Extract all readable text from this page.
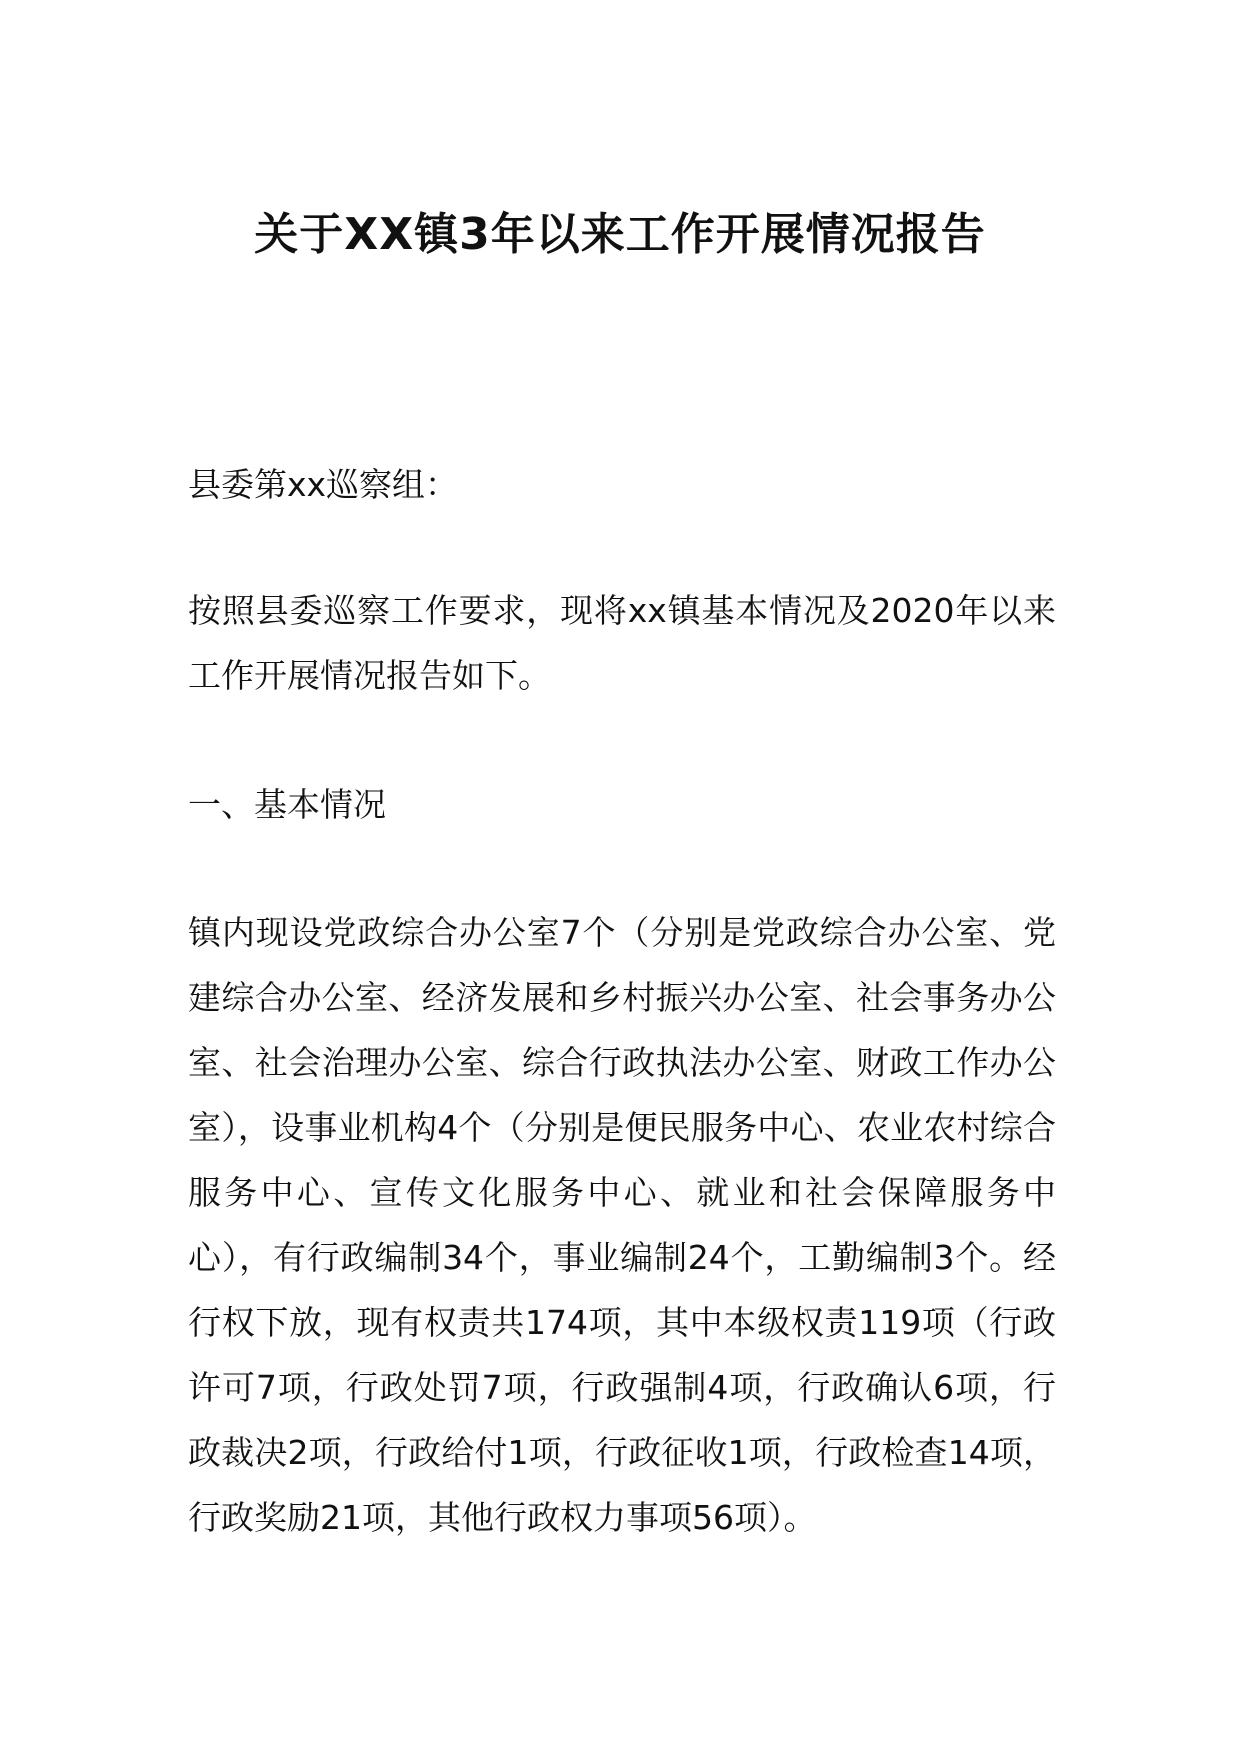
关于XX镇3年以来工作开展情况报告

县委第xx巡察组：

按照县委巡察工作要求，现将xx镇基本情况及2020年以来工作开展情况报告如下。

一、基本情况

镇内现设党政综合办公室7个（分别是党政综合办公室、党建综合办公室、经济发展和乡村振兴办公室、社会事务办公室、社会治理办公室、综合行政执法办公室、财政工作办公室），设事业机构4个（分别是便民服务中心、农业农村综合服务中心、宣传文化服务中心、就业和社会保障服务中心），有行政编制34个，事业编制24个，工勤编制3个。经行权下放，现有权责共174项，其中本级权责119项（行政许可7项，行政处罚7项，行政强制4项，行政确认6项，行政裁决2项，行政给付1项，行政征收1项，行政检查14项，行政奖励21项，其他行政权力事项56项）。
